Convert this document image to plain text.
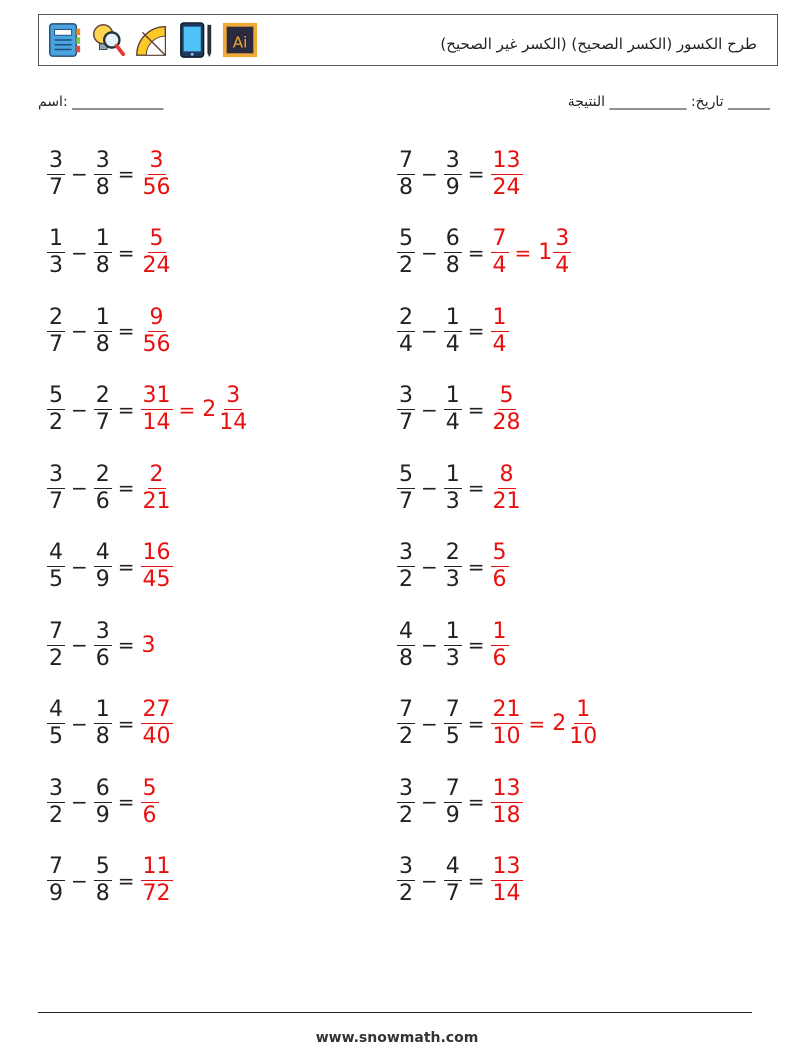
Ai	طرح الكسور (الكسر الصحيح) (الكسر غير الصحيح)
اسم: _____________	تاريخ: ___________ النتيجة ______
$\frac{3}{7} - \frac{3}{8} = \frac{3}{56}$	$\frac{7}{8} - \frac{3}{9} = \frac{13}{24}$
$\frac{1}{3} - \frac{1}{8} = \frac{5}{24}$	$\frac{5}{2} - \frac{6}{8} = \frac{7}{4} = 1 \frac{3}{4}$
$\frac{2}{7} - \frac{1}{8} = \frac{9}{56}$	$\frac{2}{4} - \frac{1}{4} = \frac{1}{4}$
$\frac{5}{2} - \frac{2}{7} = \frac{31}{14} = 2 \frac{3}{14}$	$\frac{3}{7} - \frac{1}{4} = \frac{5}{28}$
$\frac{3}{7} - \frac{2}{6} = \frac{2}{21}$	$\frac{5}{7} - \frac{1}{3} = \frac{8}{21}$
$\frac{4}{5} - \frac{4}{9} = \frac{16}{45}$	$\frac{3}{2} - \frac{2}{3} = \frac{5}{6}$
$\frac{7}{2} - \frac{3}{6} = 3$	$\frac{4}{8} - \frac{1}{3} = \frac{1}{6}$
$\frac{4}{5} - \frac{1}{8} = \frac{27}{40}$	$\frac{7}{2} - \frac{7}{5} = \frac{21}{10} = 2 \frac{1}{10}$
$\frac{3}{2} - \frac{6}{9} = \frac{5}{6}$	$\frac{3}{2} - \frac{7}{9} = \frac{13}{18}$
$\frac{7}{9} - \frac{5}{8} = \frac{11}{72}$	$\frac{3}{2} - \frac{4}{7} = \frac{13}{14}$
www.snowmath.com
